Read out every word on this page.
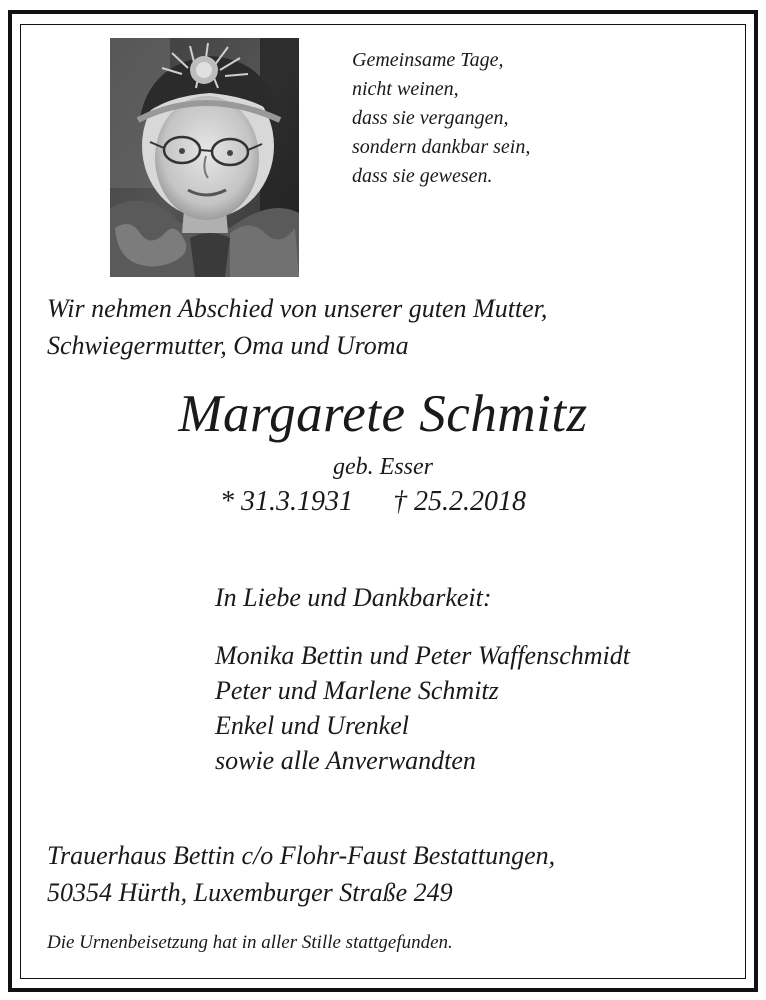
Gemeinsame Tage,
nicht weinen,
dass sie vergangen,
sondern dankbar sein,
dass sie gewesen.
Wir nehmen Abschied von unserer guten Mutter,
Schwiegermutter, Oma und Uroma
Margarete Schmitz
geb. Esser
* 31.3.1931 † 25.2.2018
In Liebe und Dankbarkeit:
Monika Bettin und Peter Waffenschmidt
Peter und Marlene Schmitz
Enkel und Urenkel
sowie alle Anverwandten
Trauerhaus Bettin c/o Flohr-Faust Bestattungen,
50354 Hürth, Luxemburger Straße 249
Die Urnenbeisetzung hat in aller Stille stattgefunden.
